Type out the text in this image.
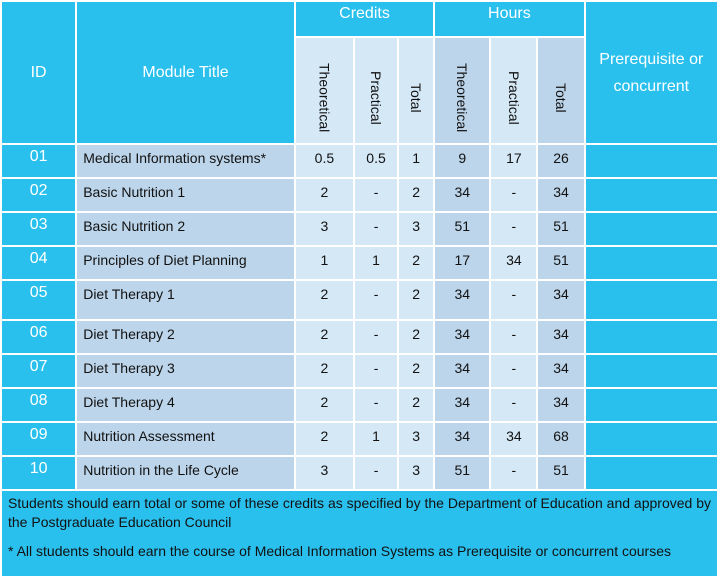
ID	Module Title	Credits			Hours			Prerequisite or concurrent

		Theoretical	Practical	Total	Theoretical	Practical	Total	

01	Medical Information systems*	0.5	0.5	1	9	17	26	
02	Basic Nutrition 1	2	-	2	34	-	34	
03	Basic Nutrition 2	3	-	3	51	-	51	
04	Principles of Diet Planning	1	1	2	17	34	51	
05	Diet Therapy 1	2	-	2	34	-	34	
06	Diet Therapy 2	2	-	2	34	-	34	
07	Diet Therapy 3	2	-	2	34	-	34	
08	Diet Therapy 4	2	-	2	34	-	34	
09	Nutrition Assessment	2	1	3	34	34	68	
10	Nutrition in the Life Cycle	3	-	3	51	-	51	

Students should earn total or some of these credits as specified by the Department of Education and approved by the Postgraduate Education Council

* All students should earn the course of Medical Information Systems as Prerequisite or concurrent courses								
